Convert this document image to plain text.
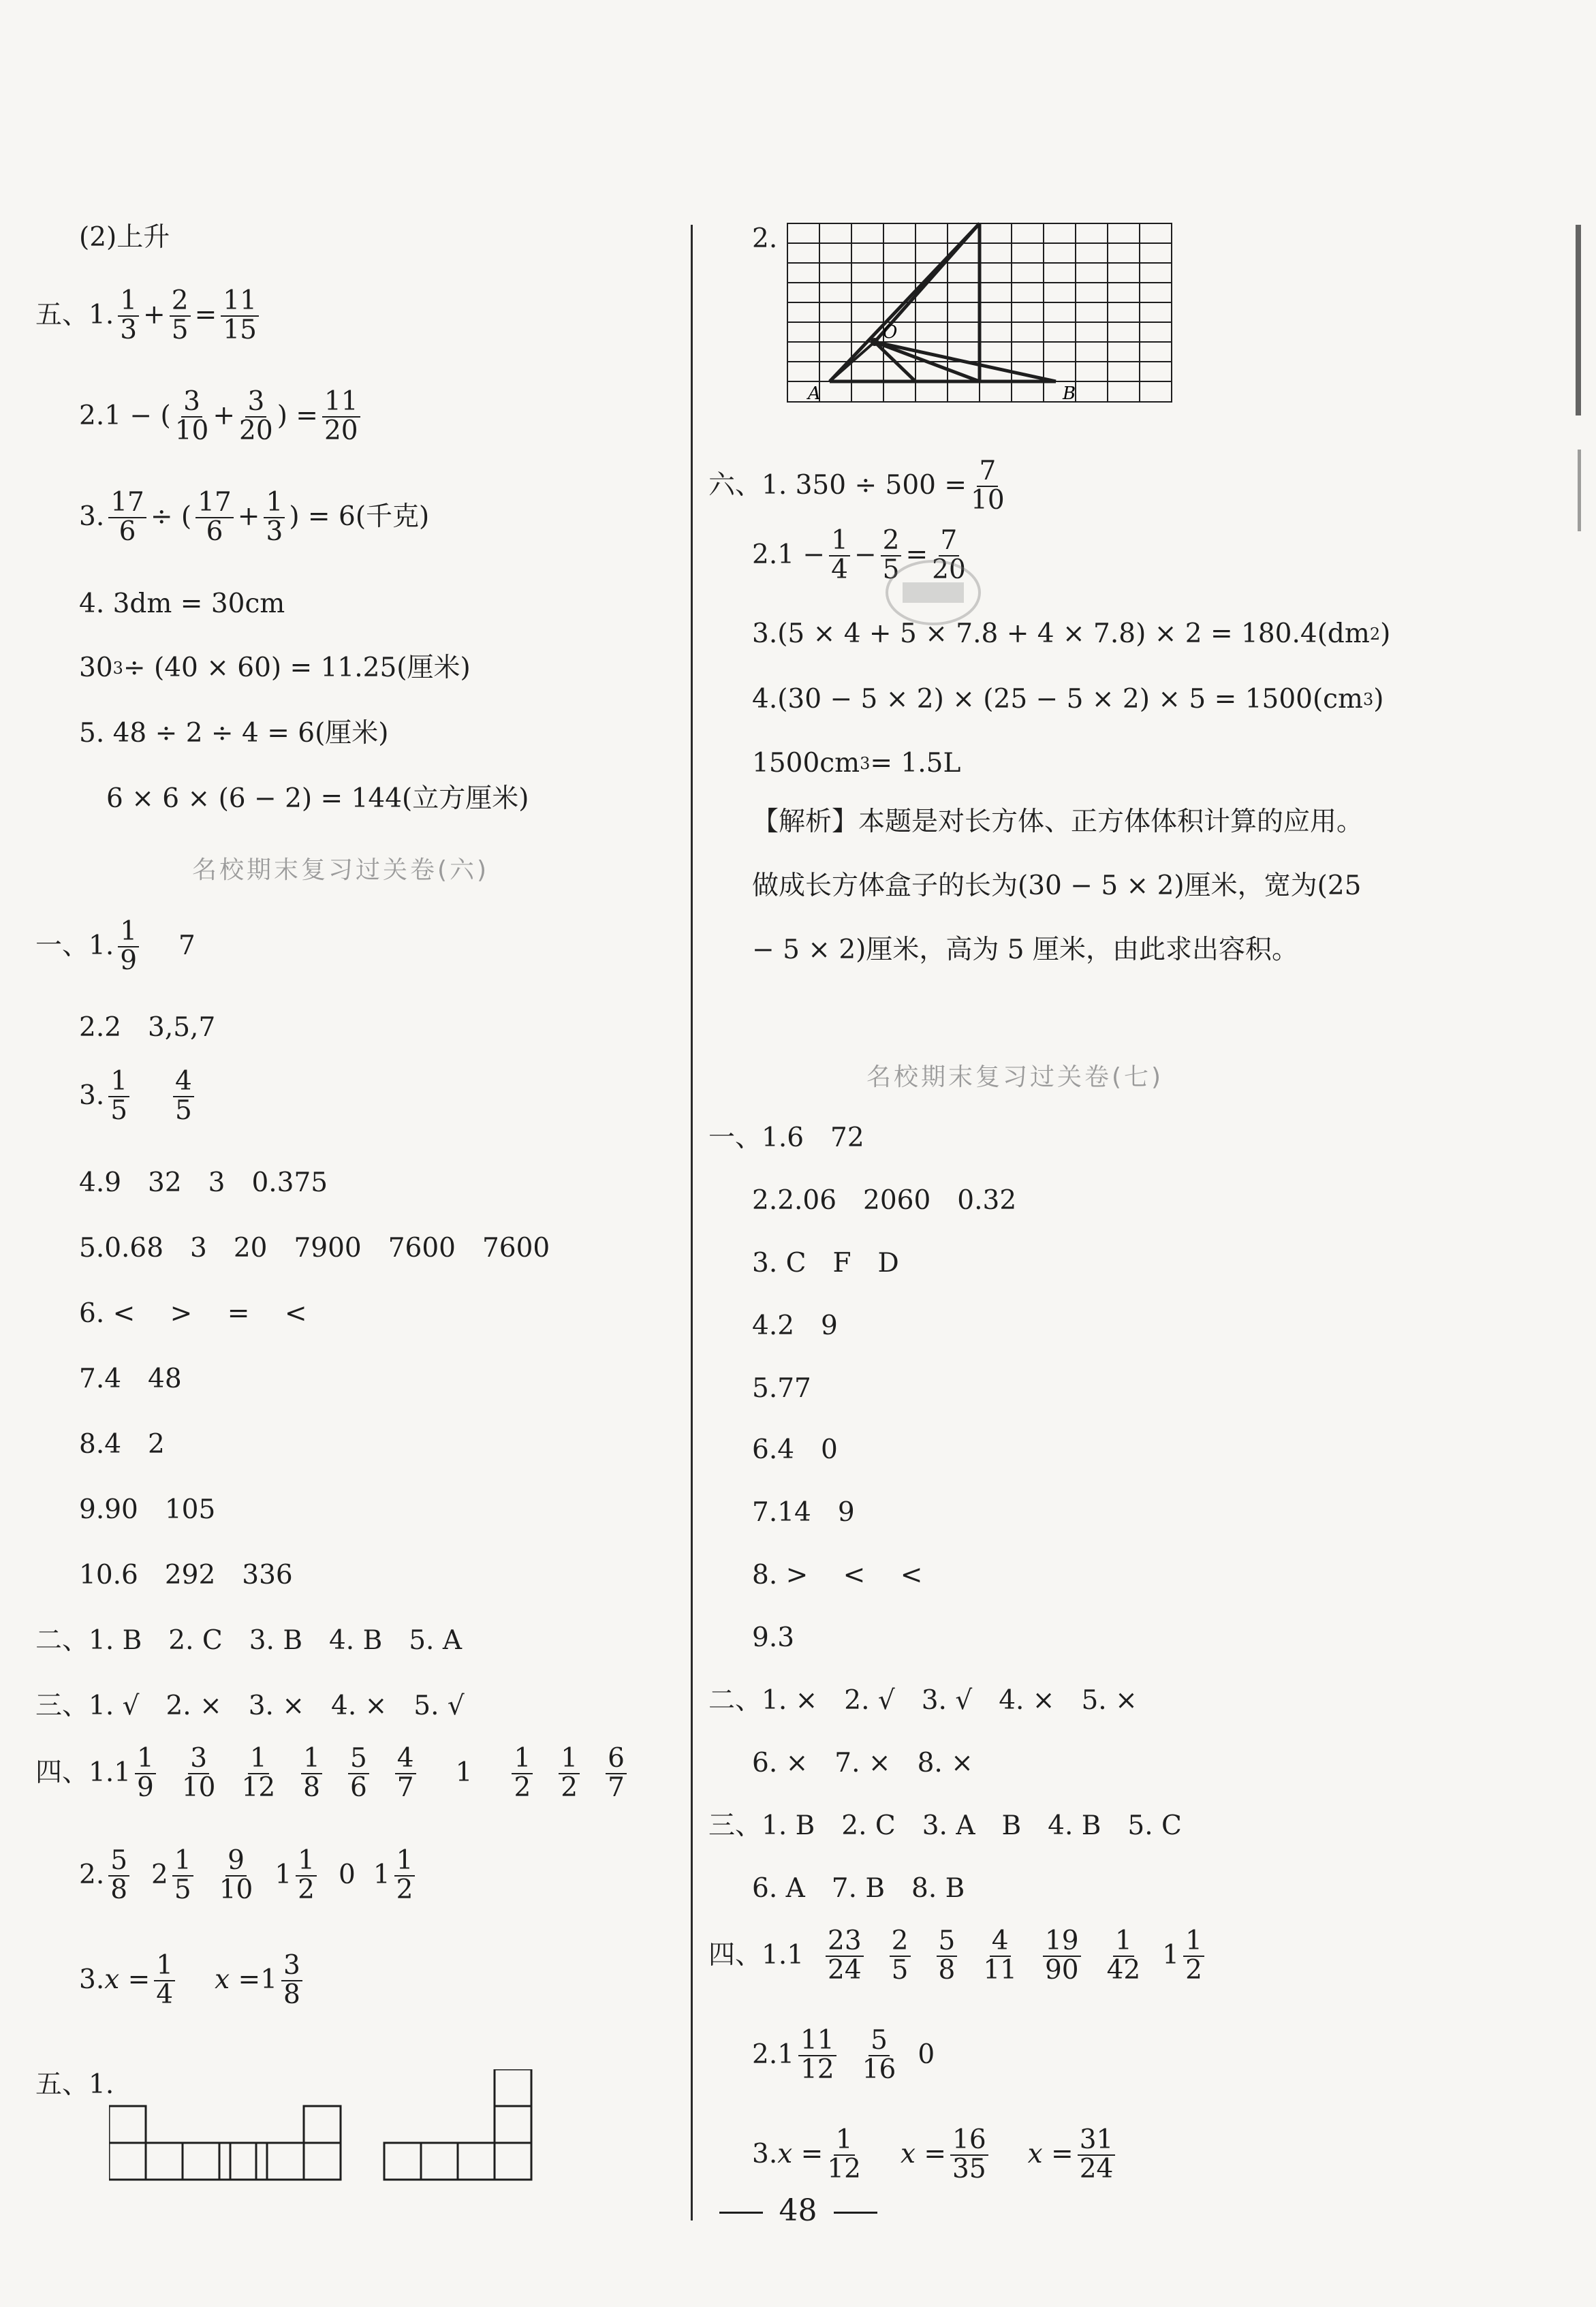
(2)上升
五、1. $\frac{1}{3} + \frac{2}{5} = \frac{11}{15}$
2.1 − ( $\frac{3}{10} + \frac{3}{20}$ ) = $\frac{11}{20}$
3. $\frac{17}{6}$ ÷ ( $\frac{17}{6} + \frac{1}{3}$ ) = 6(千克)
4. 3dm = 30cm
30 3 ÷ (40 × 60) = 11.25(厘米)
5. 48 ÷ 2 ÷ 4 = 6(厘米)
6 × 6 × (6 − 2) = 144(立方厘米)
名校期末复习过关卷(六)
一、1. $\frac{1}{9} 7$
2.2　3,5,7
3. $\frac{1}{5} \frac{4}{5}$
4.9　32　3　0.375
5.0.68　3　20　7900　7600　7600
6. <　 >　 =　 <
7.4　48
8.4　2
9.90　105
10.6　292　336
二、1. B　2. C　3. B　4. B　5. A
三、1. √　2. ×　3. ×　4. ×　5. √
四、$1.1 \frac{1}{9} \frac{3}{10} \frac{1}{12} \frac{1}{8} \frac{5}{6} \frac{4}{7} 1 \frac{1}{2} \frac{1}{2} \frac{6}{7}$
2. $\frac{5}{8} 2 \frac{1}{5} \frac{9}{10} 1 \frac{1}{2} 0$ $1 \frac{1}{2}$
3. $x = \frac{1}{4}$ $x = 1 \frac{3}{8}$
五、1.
2.
A	B
O
六、1. $350 \div 500 = \frac{7}{10}$
$2.1 - \frac{1}{4} - \frac{2}{5} = \frac{7}{20}$
3.(5 × 4 + 5 × 7.8 + 4 × 7.8) × 2 = 180.4(dm 2 )
4.(30 − 5 × 2) × (25 − 5 × 2) × 5 = 1500(cm 3 )
1500cm 3 = 1.5L
【解析】本题是对长方体、正方体体积计算的应用。做成长方体盒子的长为(30 − 5 × 2)厘米，宽为(25 − 5 × 2)厘米，高为 5 厘米，由此求出容积。
名校期末复习过关卷(七)
一、1.6　72
2.2.06　2060　0.32
3. C　F　D
4.2　9
5.77
6.4　0
7.14　9
8. >　 <　 <
9.3
二、1. ×　2. √　3. √　4. ×　5. ×
6. ×　7. ×　8. ×
三、1. B　2. C　3. A　B　4. B　5. C
6. A　7. B　8. B
四、$1.1 \frac{23}{24} \frac{2}{5} \frac{5}{8} \frac{4}{11} \frac{19}{90} \frac{1}{42} 1 \frac{1}{2}$
$2.1 \frac{11}{12} \frac{5}{16} 0$
3. $x = \frac{1}{12}$ $x = \frac{16}{35}$ $x = \frac{31}{24}$
48
